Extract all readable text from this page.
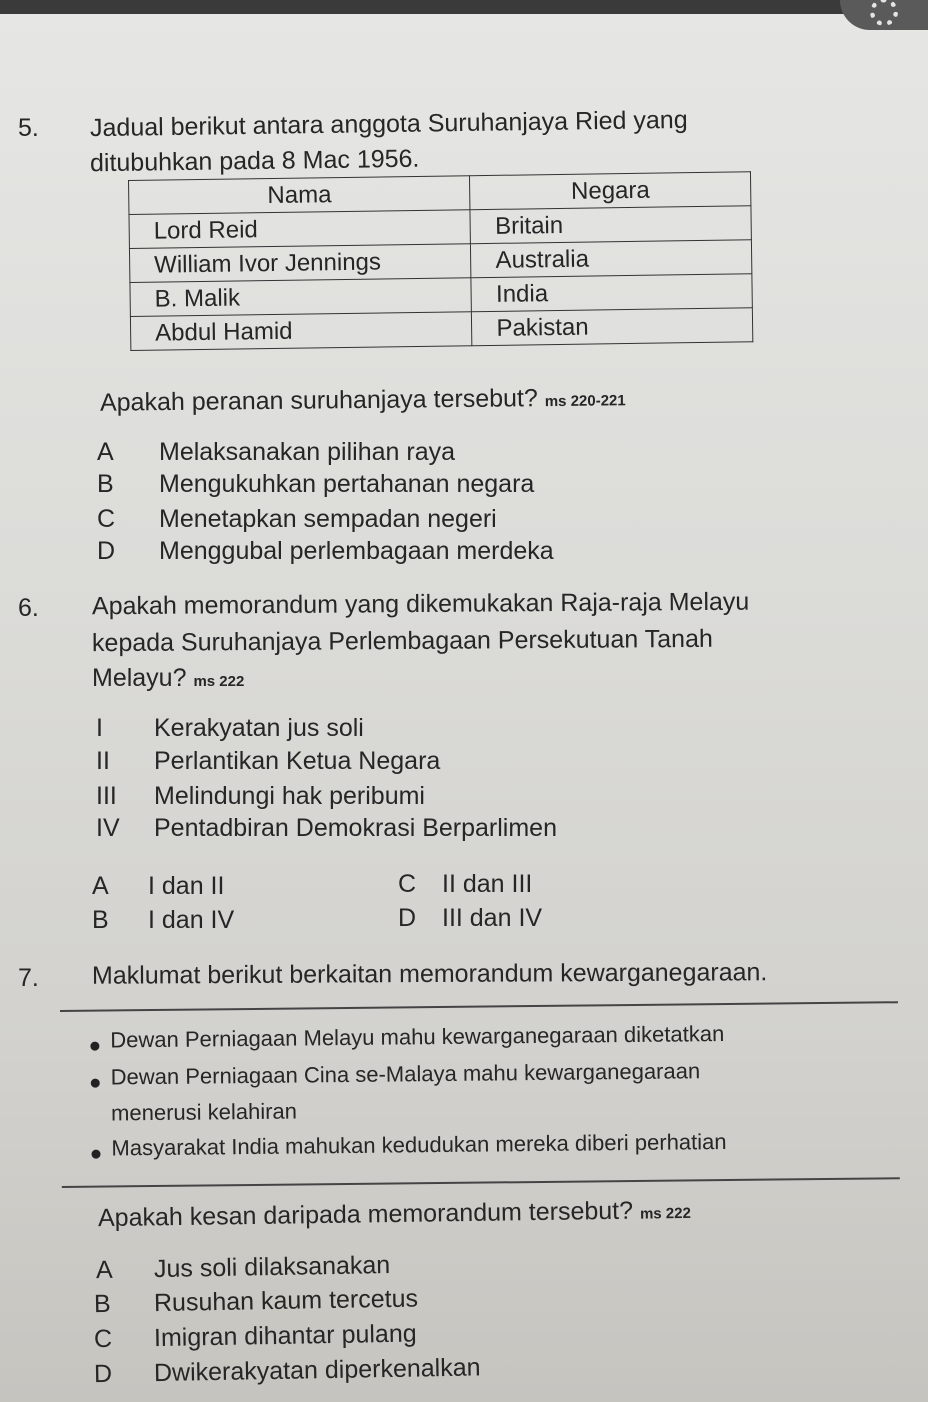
5. Jadual berikut antara anggota Suruhanjaya Ried yang
ditubuhkan pada 8 Mac 1956.
Nama	Negara
Lord Reid	Britain
William Ivor Jennings	Australia
B. Malik	India
Abdul Hamid	Pakistan
Apakah peranan suruhanjaya tersebut? ms 220-221
A Melaksanakan pilihan raya
B Mengukuhkan pertahanan negara
C Menetapkan sempadan negeri
D Menggubal perlembagaan merdeka
6. Apakah memorandum yang dikemukakan Raja-raja Melayu
kepada Suruhanjaya Perlembagaan Persekutuan Tanah
Melayu? ms 222
I Kerakyatan jus soli
II Perlantikan Ketua Negara
III Melindungi hak peribumi
IV Pentadbiran Demokrasi Berparlimen
A I dan II
B I dan IV
C II dan III
D III dan IV
7. Maklumat berikut berkaitan memorandum kewarganegaraan.
Dewan Perniagaan Melayu mahu kewarganegaraan diketatkan
Dewan Perniagaan Cina se-Malaya mahu kewarganegaraan
menerusi kelahiran
Masyarakat India mahukan kedudukan mereka diberi perhatian
Apakah kesan daripada memorandum tersebut? ms 222
A Jus soli dilaksanakan
B Rusuhan kaum tercetus
C Imigran dihantar pulang
D Dwikerakyatan diperkenalkan
